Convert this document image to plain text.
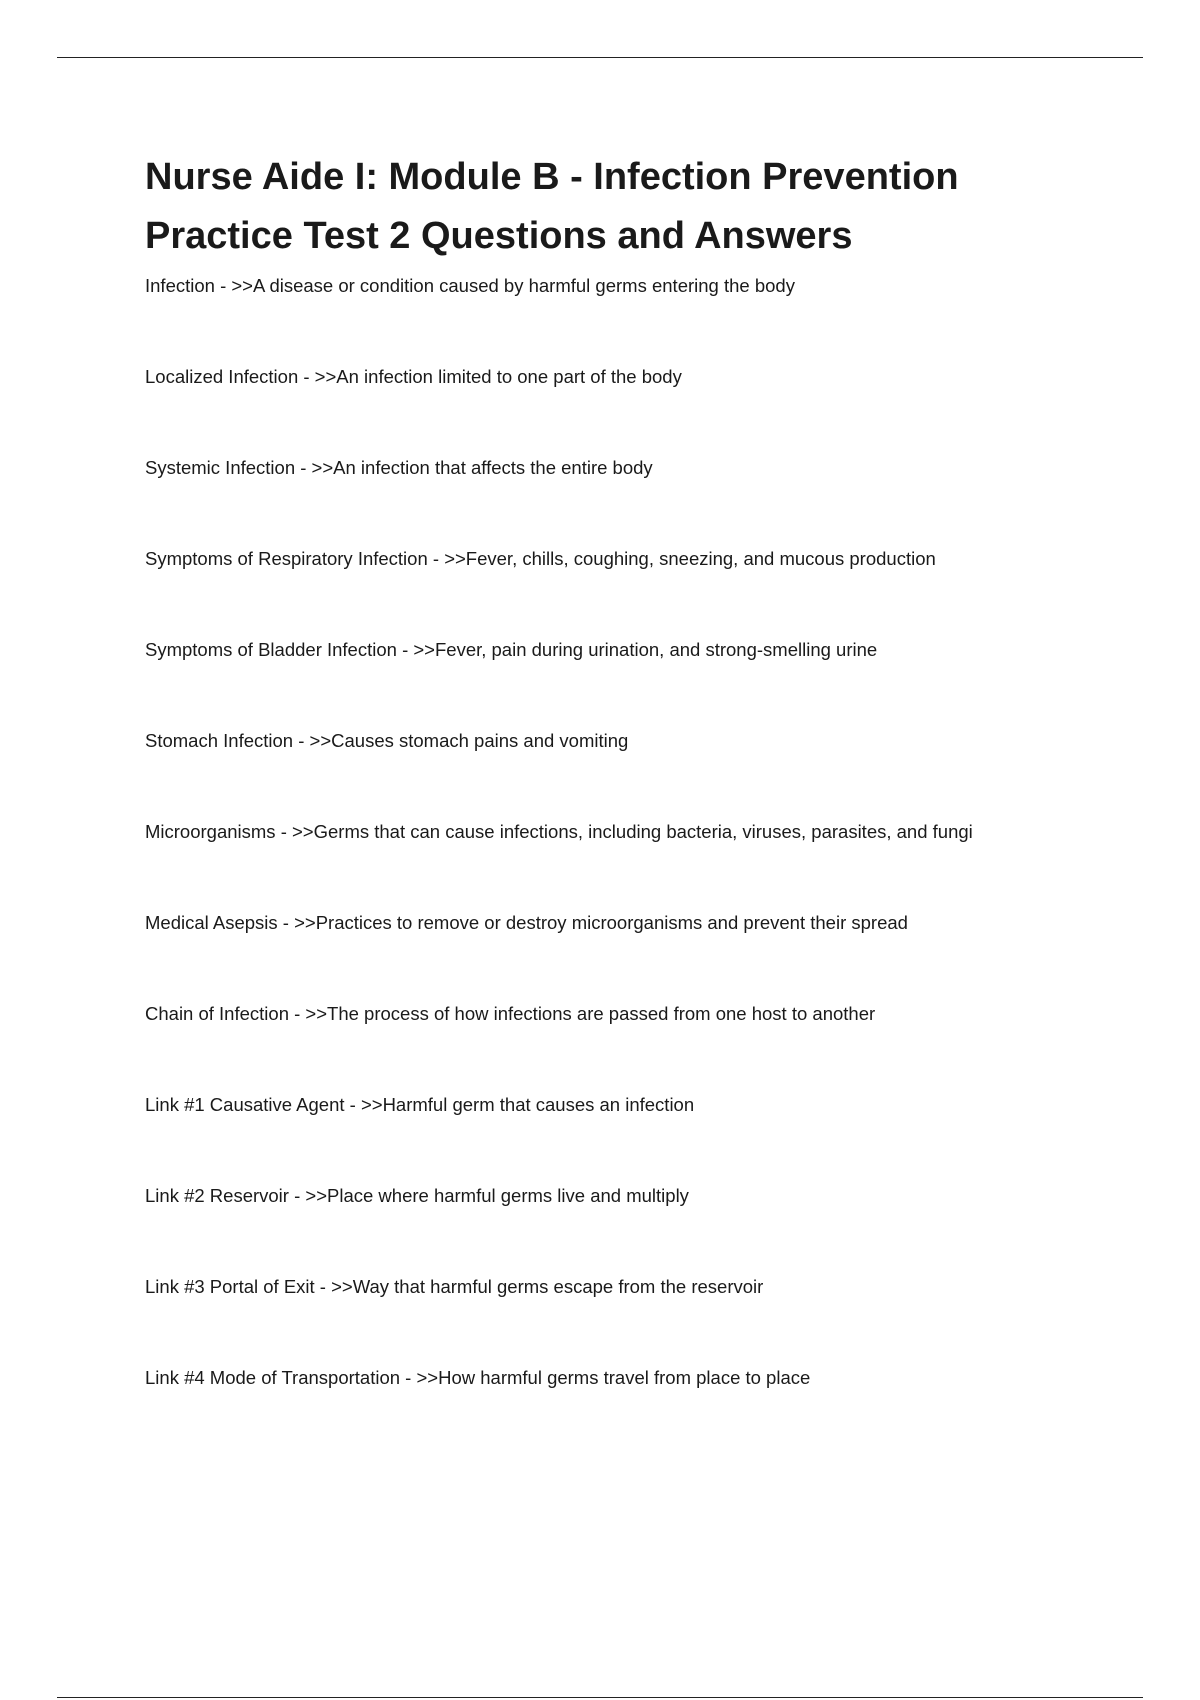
Nurse Aide I: Module B - Infection Prevention
Practice Test 2 Questions and Answers
Infection - >>A disease or condition caused by harmful germs entering the body
Localized Infection - >>An infection limited to one part of the body
Systemic Infection - >>An infection that affects the entire body
Symptoms of Respiratory Infection - >>Fever, chills, coughing, sneezing, and mucous production
Symptoms of Bladder Infection - >>Fever, pain during urination, and strong-smelling urine
Stomach Infection - >>Causes stomach pains and vomiting
Microorganisms - >>Germs that can cause infections, including bacteria, viruses, parasites, and fungi
Medical Asepsis - >>Practices to remove or destroy microorganisms and prevent their spread
Chain of Infection - >>The process of how infections are passed from one host to another
Link #1 Causative Agent - >>Harmful germ that causes an infection
Link #2 Reservoir - >>Place where harmful germs live and multiply
Link #3 Portal of Exit - >>Way that harmful germs escape from the reservoir
Link #4 Mode of Transportation - >>How harmful germs travel from place to place
